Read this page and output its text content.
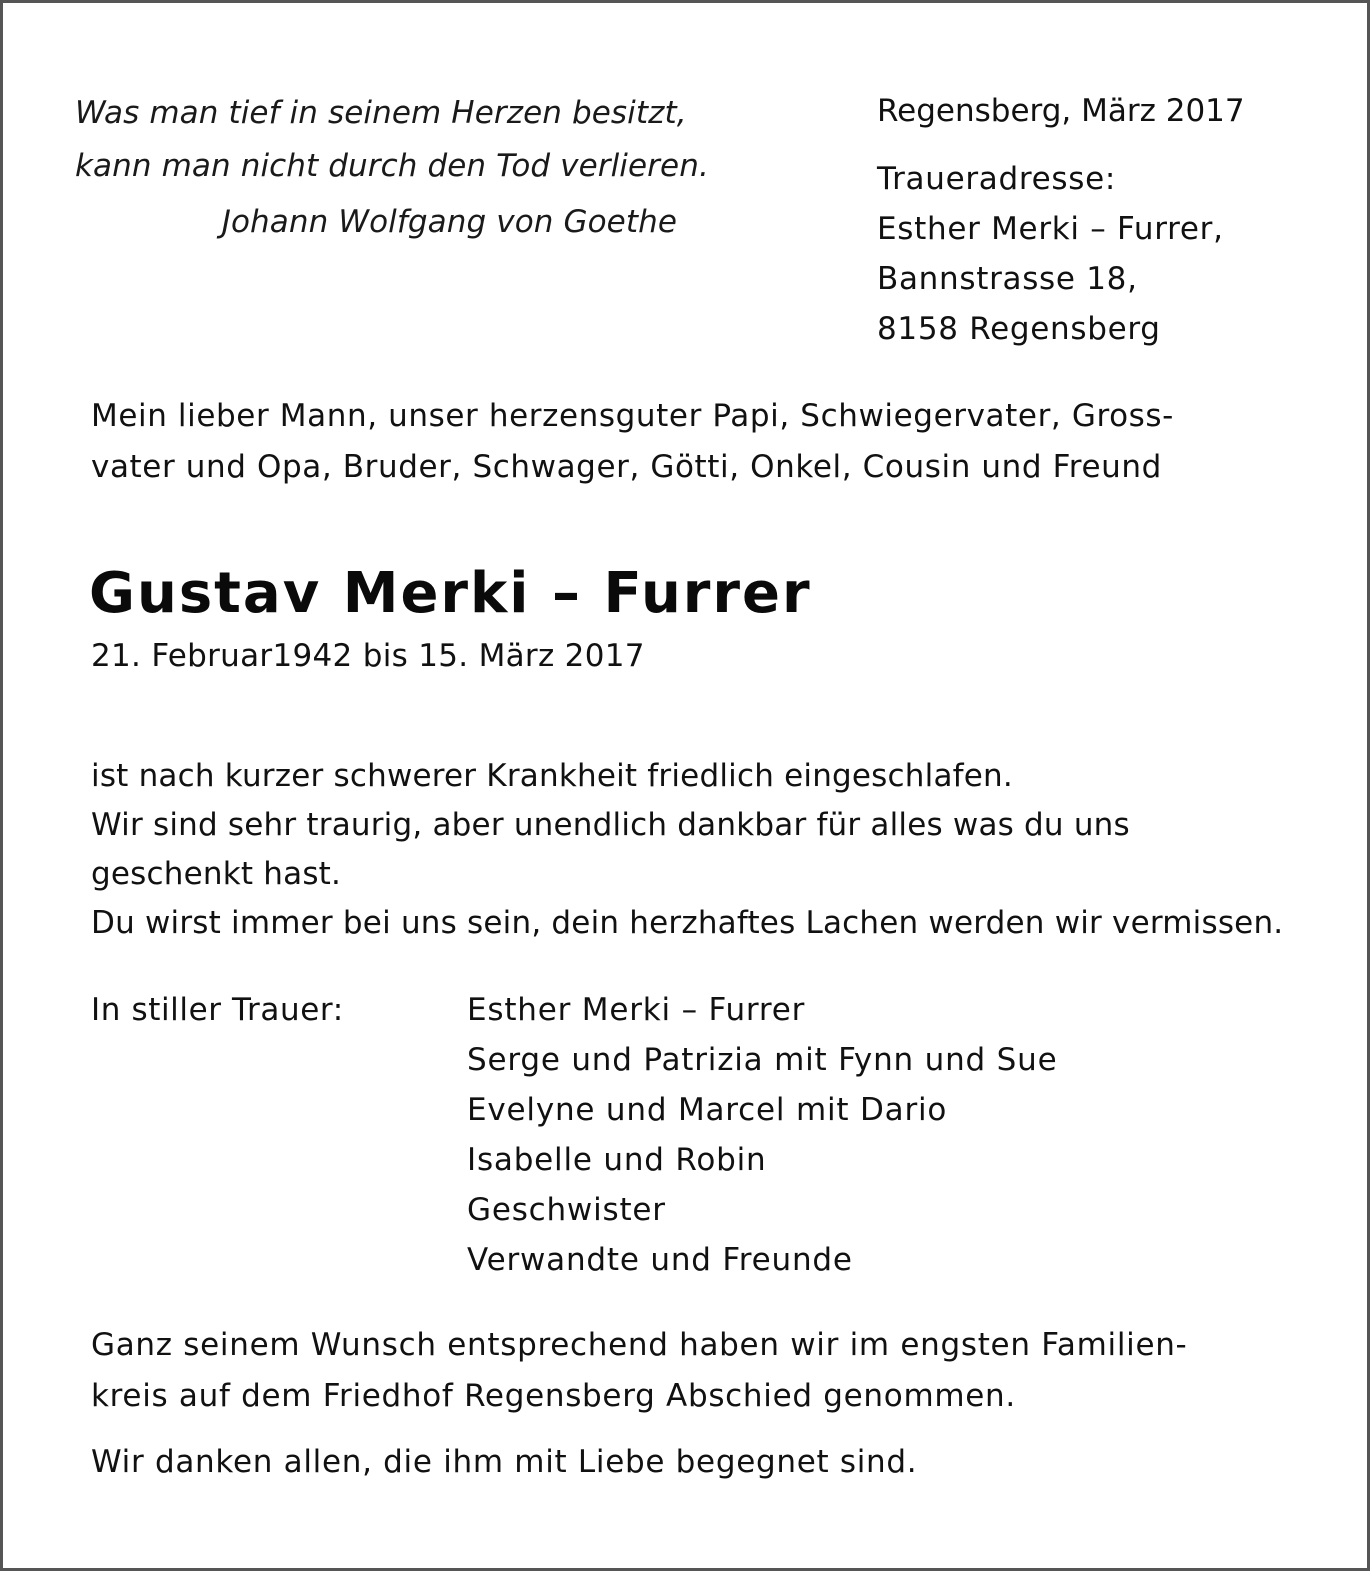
Was man tief in seinem Herzen besitzt,
kann man nicht durch den Tod verlieren.
Johann Wolfgang von Goethe
Regensberg, März 2017
Traueradresse:
Esther Merki – Furrer,
Bannstrasse 18,
8158 Regensberg
Mein lieber Mann, unser herzensguter Papi, Schwiegervater, Gross-
vater und Opa, Bruder, Schwager, Götti, Onkel, Cousin und Freund
Gustav Merki – Furrer
21. Februar1942 bis 15. März 2017
ist nach kurzer schwerer Krankheit friedlich eingeschlafen.
Wir sind sehr traurig, aber unendlich dankbar für alles was du uns
geschenkt hast.
Du wirst immer bei uns sein, dein herzhaftes Lachen werden wir vermissen.
In stiller Trauer:	Esther Merki – Furrer
Serge und Patrizia mit Fynn und Sue
Evelyne und Marcel mit Dario
Isabelle und Robin
Geschwister
Verwandte und Freunde
Ganz seinem Wunsch entsprechend haben wir im engsten Familien-
kreis auf dem Friedhof Regensberg Abschied genommen.
Wir danken allen, die ihm mit Liebe begegnet sind.
